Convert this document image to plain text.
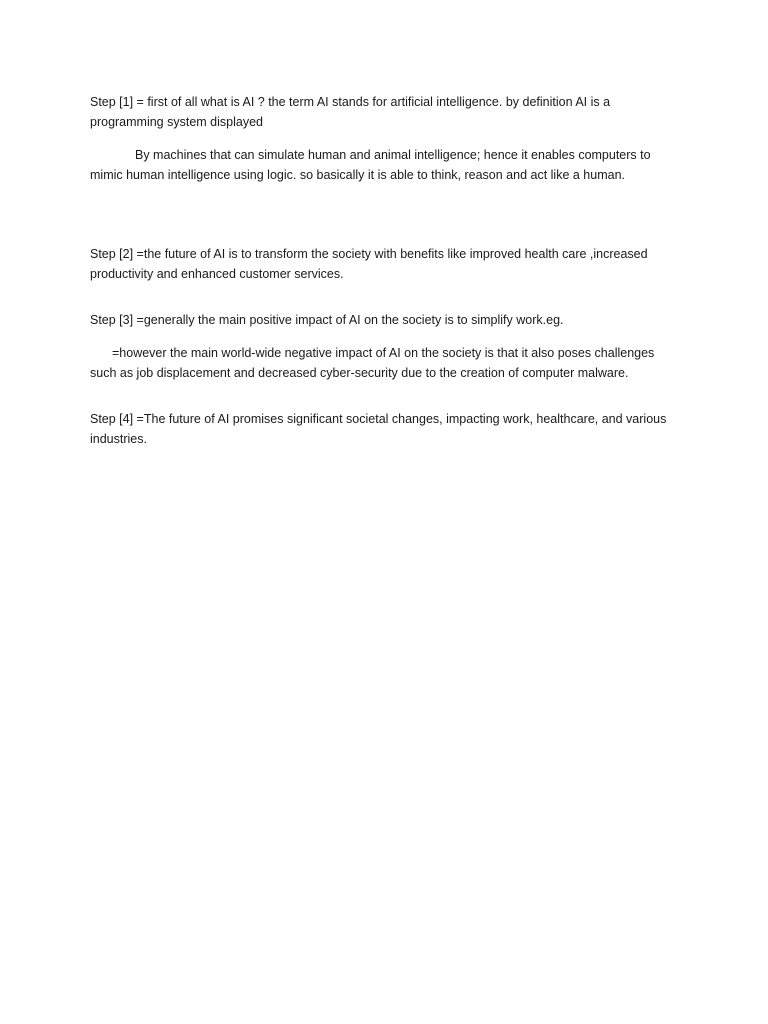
Step [1] = first of all what is AI ? the term AI stands for artificial intelligence. by definition AI is a programming system displayed

By machines that can simulate human and animal intelligence; hence it enables computers to mimic human intelligence using logic. so basically it is able to think, reason and act like a human.

Step [2] =the future of AI is to transform the society with benefits like improved health care ,increased productivity and enhanced customer services.

Step [3] =generally the main positive impact of AI on the society is to simplify work.eg.

=however the main world-wide negative impact of AI on the society is that it also poses challenges such as job displacement and decreased cyber-security due to the creation of computer malware.

Step [4] =The future of AI promises significant societal changes, impacting work, healthcare, and various industries.
